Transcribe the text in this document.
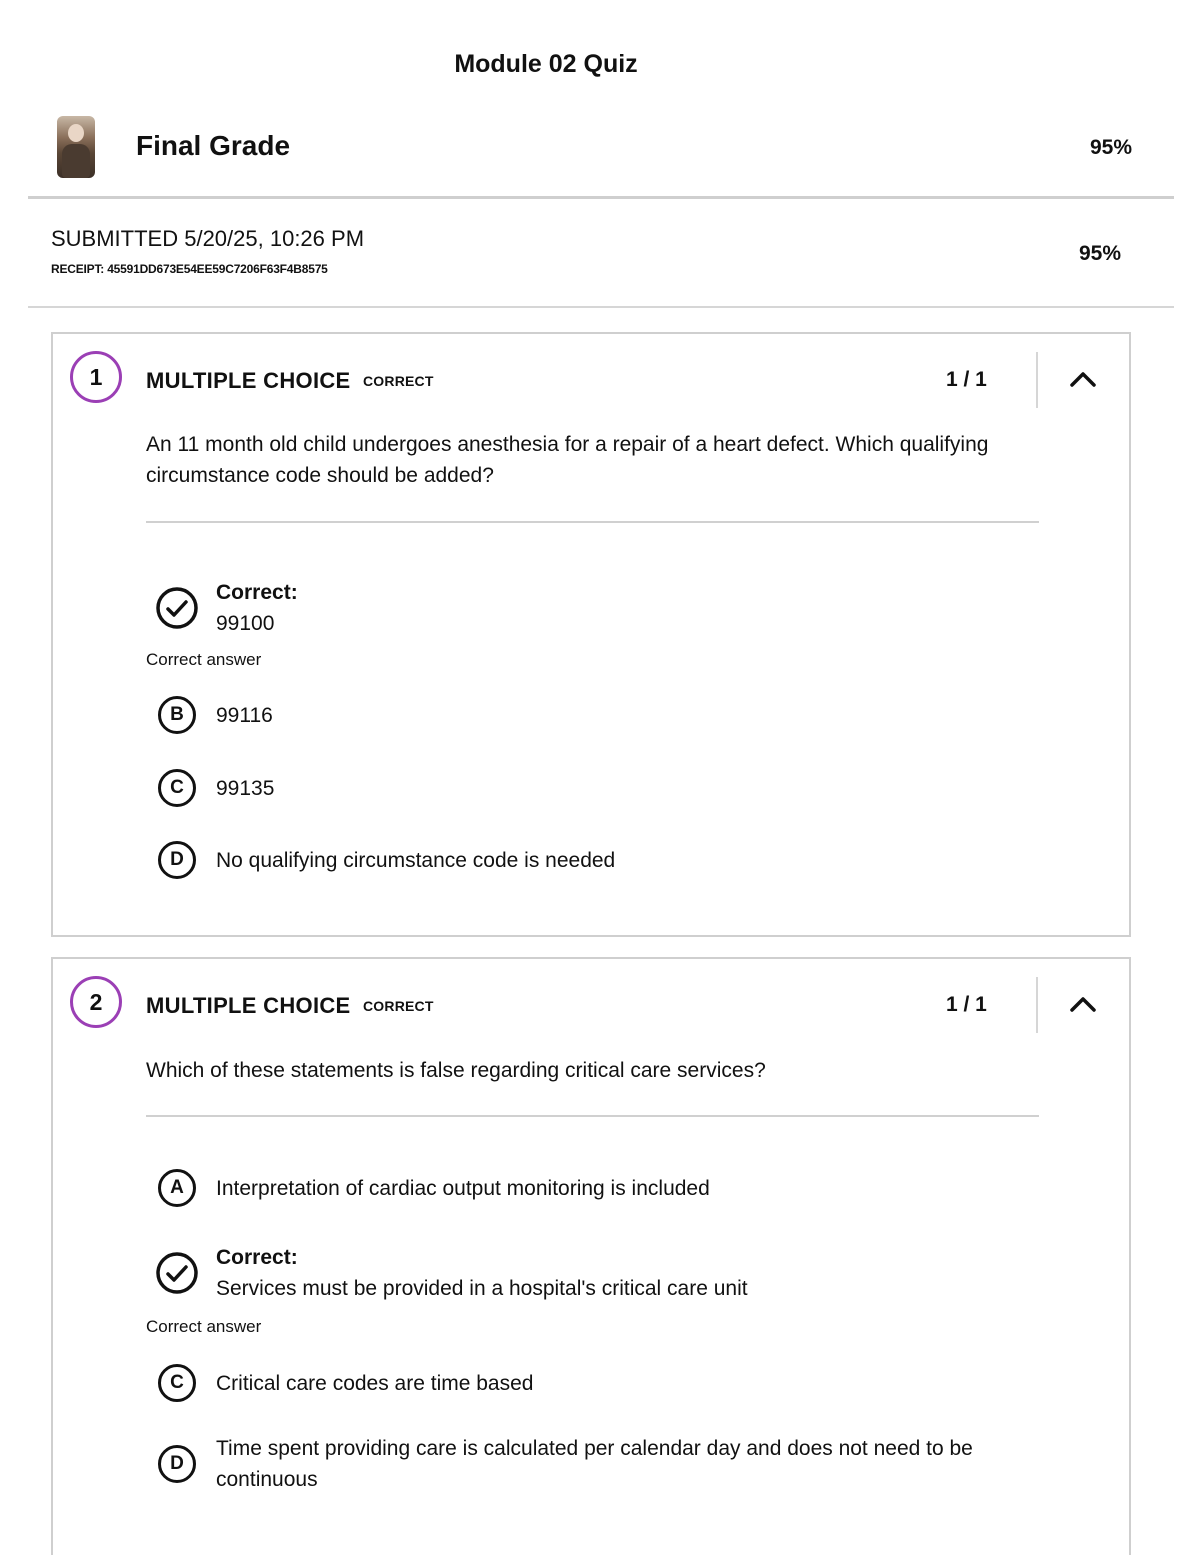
Module 02 Quiz
Final Grade	95%
SUBMITTED 5/20/25, 10:26 PM
RECEIPT: 45591DD673E54EE59C7206F63F4B8575
95%
1	MULTIPLE CHOICE CORRECT	1 / 1
An 11 month old child undergoes anesthesia for a repair of a heart defect. Which qualifying circumstance code should be added?
Correct:
99100
Correct answer
B	99116
C	99135
D	No qualifying circumstance code is needed
2	MULTIPLE CHOICE CORRECT	1 / 1
Which of these statements is false regarding critical care services?
A	Interpretation of cardiac output monitoring is included
Correct:
Services must be provided in a hospital's critical care unit
Correct answer
C	Critical care codes are time based
D
Time spent providing care is calculated per calendar day and does not need to be continuous
